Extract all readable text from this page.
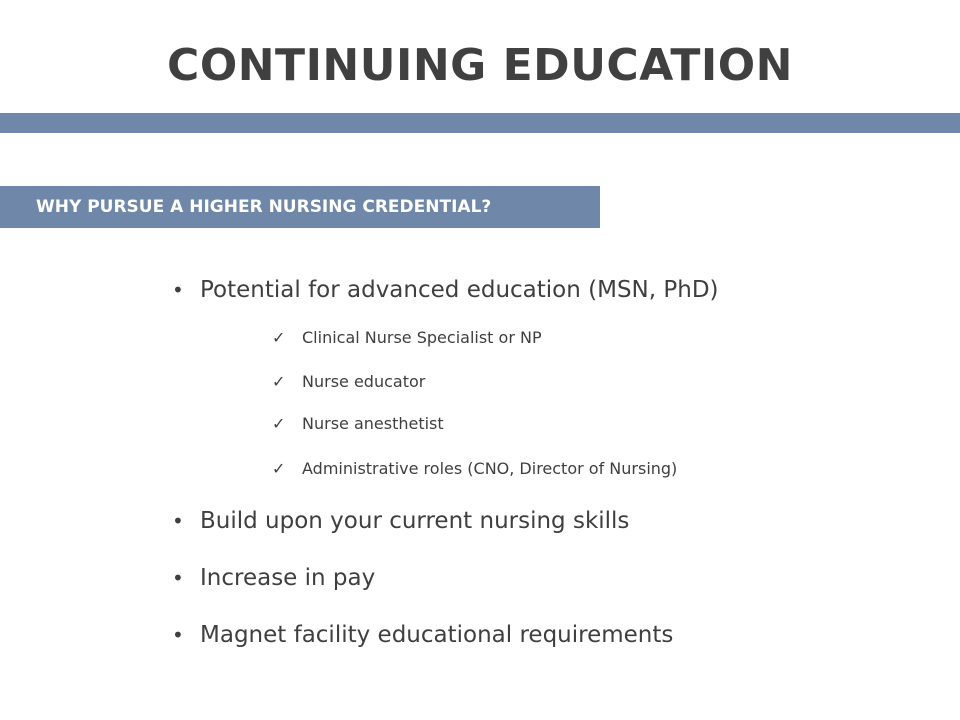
CONTINUING EDUCATION
WHY PURSUE A HIGHER NURSING CREDENTIAL?
• Potential for advanced education (MSN, PhD)
✓ Clinical Nurse Specialist or NP
✓ Nurse educator
✓ Nurse anesthetist
✓ Administrative roles (CNO, Director of Nursing)
• Build upon your current nursing skills
• Increase in pay
• Magnet facility educational requirements
